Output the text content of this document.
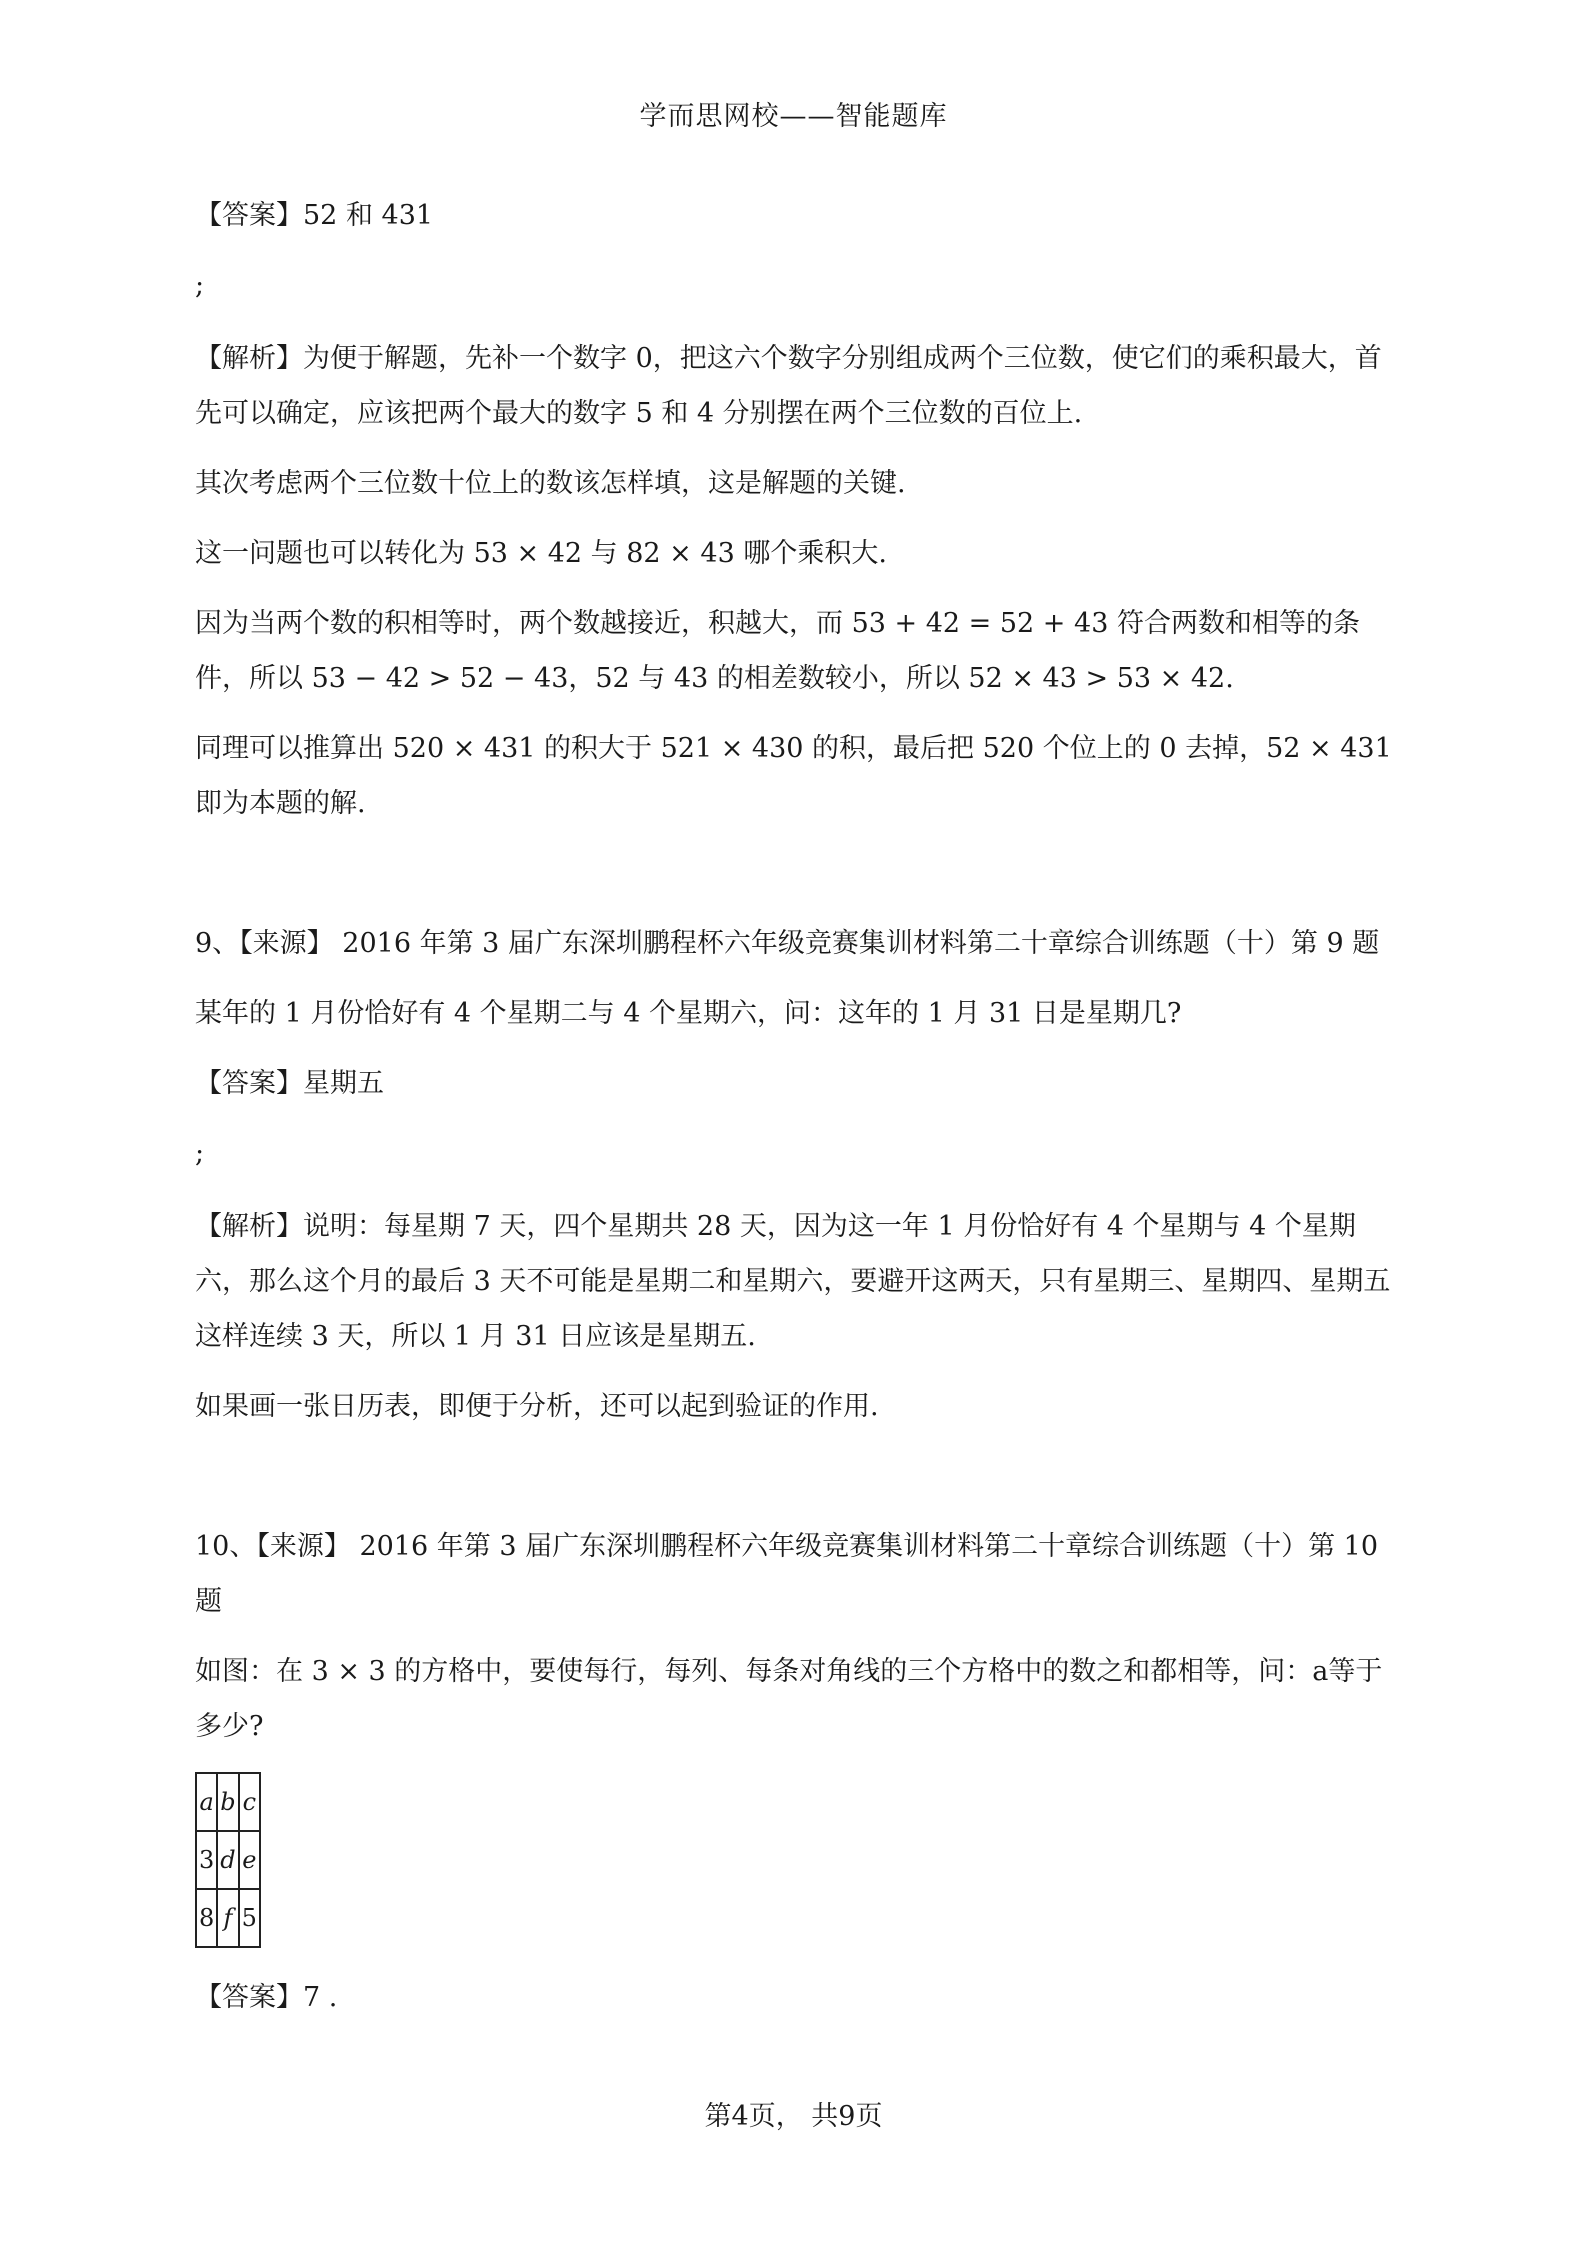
学而思网校——智能题库
【答案】52 和 431
;
【解析】为便于解题，先补一个数字 0，把这六个数字分别组成两个三位数，使它们的乘积最大，首先可以确定，应该把两个最大的数字 5 和 4 分别摆在两个三位数的百位上.
其次考虑两个三位数十位上的数该怎样填，这是解题的关键.
这一问题也可以转化为 53 × 42 与 82 × 43 哪个乘积大.
因为当两个数的积相等时，两个数越接近，积越大，而 53 + 42 = 52 + 43 符合两数和相等的条件，所以 53 − 42 > 52 − 43，52 与 43 的相差数较小，所以 52 × 43 > 53 × 42.
同理可以推算出 520 × 431 的积大于 521 × 430 的积，最后把 520 个位上的 0 去掉，52 × 431 即为本题的解.
9、【来源】 2016 年第 3 届广东深圳鹏程杯六年级竞赛集训材料第二十章综合训练题（十）第 9 题
某年的 1 月份恰好有 4 个星期二与 4 个星期六，问：这年的 1 月 31 日是星期几?
【答案】星期五
;
【解析】说明：每星期 7 天，四个星期共 28 天，因为这一年 1 月份恰好有 4 个星期与 4 个星期六，那么这个月的最后 3 天不可能是星期二和星期六，要避开这两天，只有星期三、星期四、星期五这样连续 3 天，所以 1 月 31 日应该是星期五.
如果画一张日历表，即便于分析，还可以起到验证的作用.
10、【来源】 2016 年第 3 届广东深圳鹏程杯六年级竞赛集训材料第二十章综合训练题（十）第 10 题
如图：在 3 × 3 的方格中，要使每行，每列、每条对角线的三个方格中的数之和都相等，问：a等于多少?
a	b	c
3	d	e
8	f	5
【答案】7 .
第4页， 共9页
